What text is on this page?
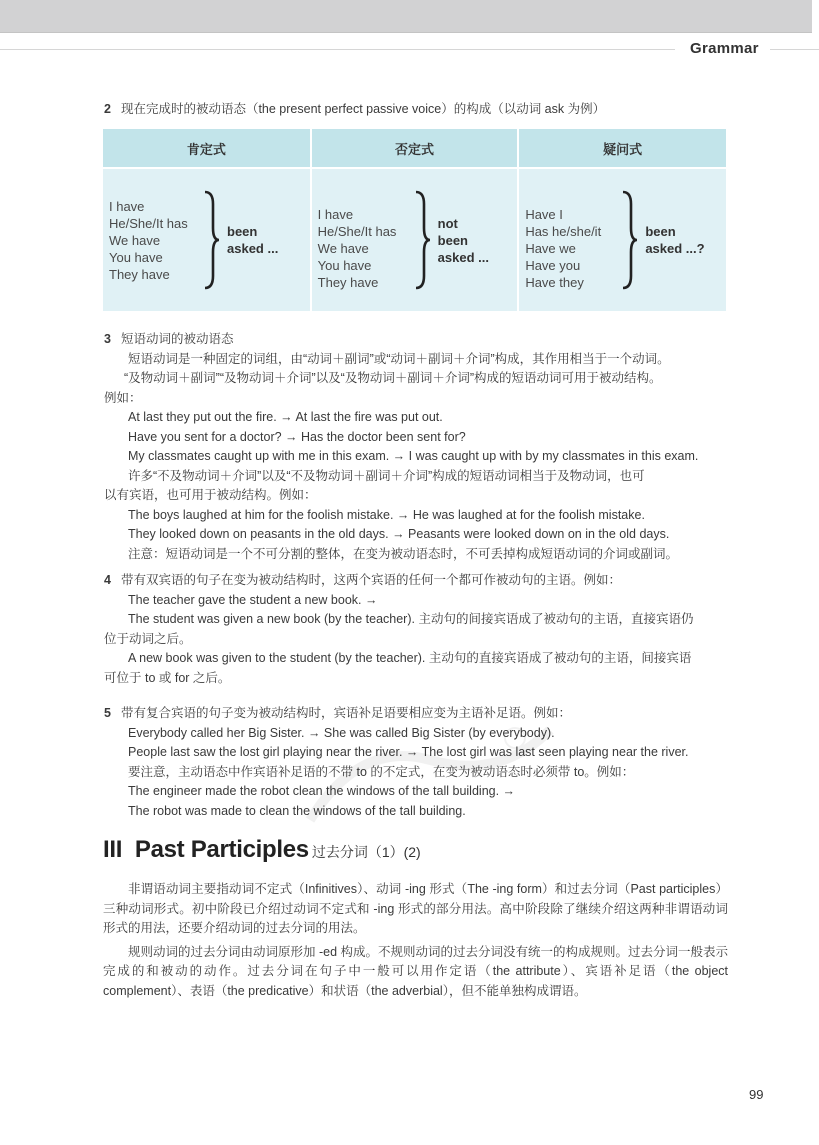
Grammar
2 现在完成时的被动语态（the present perfect passive voice）的构成（以动词 ask 为例）
肯定式	否定式	疑问式

I have
He/She/It has
We have
You have
They have
been
asked ...

I have
He/She/It has
We have
You have
They have
not
been
asked ...

Have I
Has he/she/it
Have we
Have you
Have they
been
asked ...?

3 短语动词的被动语态

短语动词是一种固定的词组，由“动词＋副词”或“动词＋副词＋介词”构成，其作用相当于一个动词。

“及物动词＋副词”“及物动词＋介词”以及“及物动词＋副词＋介词”构成的短语动词可用于被动结构。

例如：

At last they put out the fire. → At last the fire was put out.

Have you sent for a doctor? → Has the doctor been sent for?

My classmates caught up with me in this exam. → I was caught up with by my classmates in this exam.

许多“不及物动词＋介词”以及“不及物动词＋副词＋介词”构成的短语动词相当于及物动词，也可

以有宾语，也可用于被动结构。例如：

The boys laughed at him for the foolish mistake. → He was laughed at for the foolish mistake.

They looked down on peasants in the old days. → Peasants were looked down on in the old days.

注意：短语动词是一个不可分割的整体，在变为被动语态时，不可丢掉构成短语动词的介词或副词。

4 带有双宾语的句子在变为被动结构时，这两个宾语的任何一个都可作被动句的主语。例如：

The teacher gave the student a new book. →

The student was given a new book (by the teacher). 主动句的间接宾语成了被动句的主语，直接宾语仍

位于动词之后。

A new book was given to the student (by the teacher). 主动句的直接宾语成了被动句的主语，间接宾语

可位于 to 或 for 之后。

5 带有复合宾语的句子变为被动结构时，宾语补足语要相应变为主语补足语。例如：

Everybody called her Big Sister. → She was called Big Sister (by everybody).

People last saw the lost girl playing near the river. → The lost girl was last seen playing near the river.

要注意，主动语态中作宾语补足语的不带 to 的不定式，在变为被动语态时必须带 to。例如：

The engineer made the robot clean the windows of the tall building. →

The robot was made to clean the windows of the tall building.

III Past Participles 过去分词（1）(2)

非谓语动词主要指动词不定式（Infinitives）、动词 -ing 形式（The -ing form）和过去分词（Past participles）三种动词形式。初中阶段已介绍过动词不定式和 -ing 形式的部分用法。高中阶段除了继续介绍这两种非谓语动词形式的用法，还要介绍动词的过去分词的用法。

规则动词的过去分词由动词原形加 -ed 构成。不规则动词的过去分词没有统一的构成规则。过去分词一般表示完成的和被动的动作。过去分词在句子中一般可以用作定语（the attribute）、宾语补足语（the object complement）、表语（the predicative）和状语（the adverbial），但不能单独构成谓语。

99
